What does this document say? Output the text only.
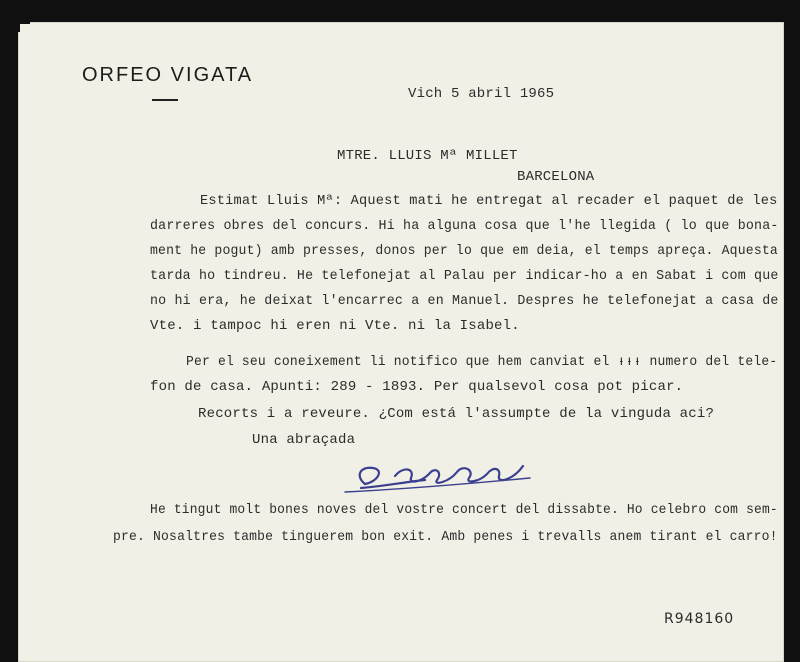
ORFEO VIGATA
Vich 5 abril 1965
MTRE. LLUIS Mª MILLET
BARCELONA
Estimat Lluis Mª: Aquest mati he entregat al recader el paquet de les
darreres obres del concurs. Hi ha alguna cosa que l'he llegida ( lo que bona-
ment he pogut) amb presses, donos per lo que em deia, el temps apreça. Aquesta
tarda ho tindreu. He telefonejat al Palau per indicar-ho a en Sabat i com que
no hi era, he deixat l'encarrec a en Manuel. Despres he telefonejat a casa de
Vte. i tampoc hi eren ni Vte. ni la Isabel.
Per el seu coneixement li notifico que hem canviat el ᵻᵻᵻ numero del tele-
fon de casa. Apunti: 289 - 1893. Per qualsevol cosa pot picar.
Recorts i a reveure. ¿Com está l'assumpte de la vinguda aci?
Una abraçada
He tingut molt bones noves del vostre concert del dissabte. Ho celebro com sem-
pre. Nosaltres tambe tinguerem bon exit. Amb penes i trevalls anem tirant el carro!
R948160
